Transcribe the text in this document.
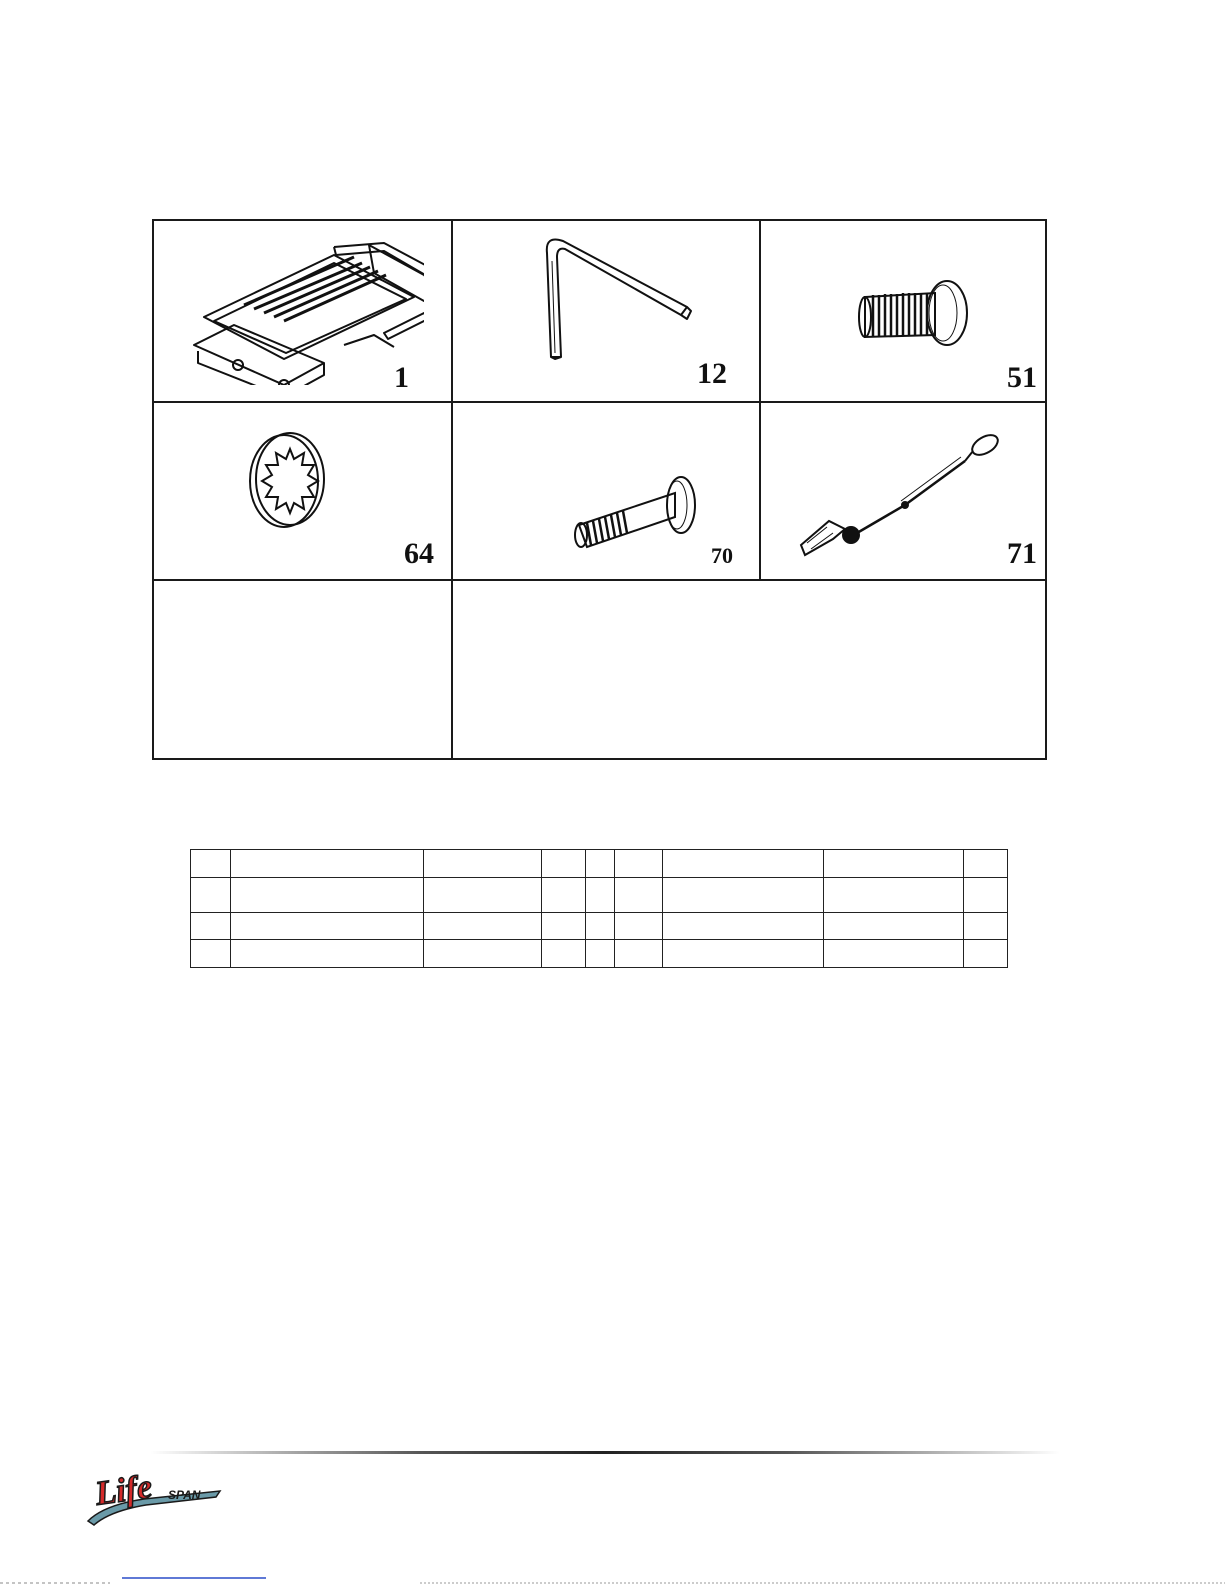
1	12	51
64	70	71

Life SPAN
